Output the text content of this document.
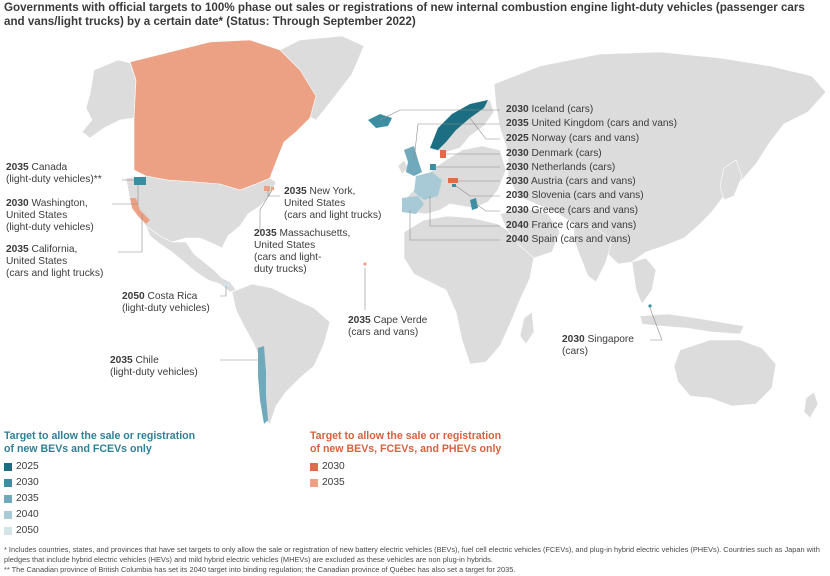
Governments with official targets to 100% phase out sales or registrations of new internal combustion engine light-duty vehicles (passenger cars and vans/light trucks) by a certain date* (Status: Through September 2022)
2030 Iceland (cars)
2035 United Kingdom (cars and vans)
2025 Norway (cars and vans)
2030 Denmark (cars)
2030 Netherlands (cars)
2030 Austria (cars and vans)
2030 Slovenia (cars and vans)
2030 Greece (cars and vans)
2040 France (cars and vans)
2040 Spain (cars and vans)
2035 Canada
(light-duty vehicles)**
2030 Washington,
United States
(light-duty vehicles)
2035 California,
United States
(cars and light trucks)
2035 New York,
United States
(cars and light trucks)
2035 Massachusetts,
United States
(cars and light-
duty trucks)
2050 Costa Rica
(light-duty vehicles)
2035 Cape Verde
(cars and vans)
2035 Chile
(light-duty vehicles)
2030 Singapore
(cars)
Target to allow the sale or registration
of new BEVs and FCEVs only
2025
2030
2035
2040
2050
Target to allow the sale or registration
of new BEVs, FCEVs, and PHEVs only
2030
2035
* Includes countries, states, and provinces that have set targets to only allow the sale or registration of new battery electric vehicles (BEVs), fuel cell electric vehicles (FCEVs), and plug-in hybrid electric vehicles (PHEVs). Countries such as Japan with pledges that include hybrid electric vehicles (HEVs) and mild hybrid electric vehicles (MHEVs) are excluded as these vehicles are non plug-in hybrids.
** The Canadian province of British Columbia has set its 2040 target into binding regulation; the Canadian province of Québec has also set a target for 2035.
